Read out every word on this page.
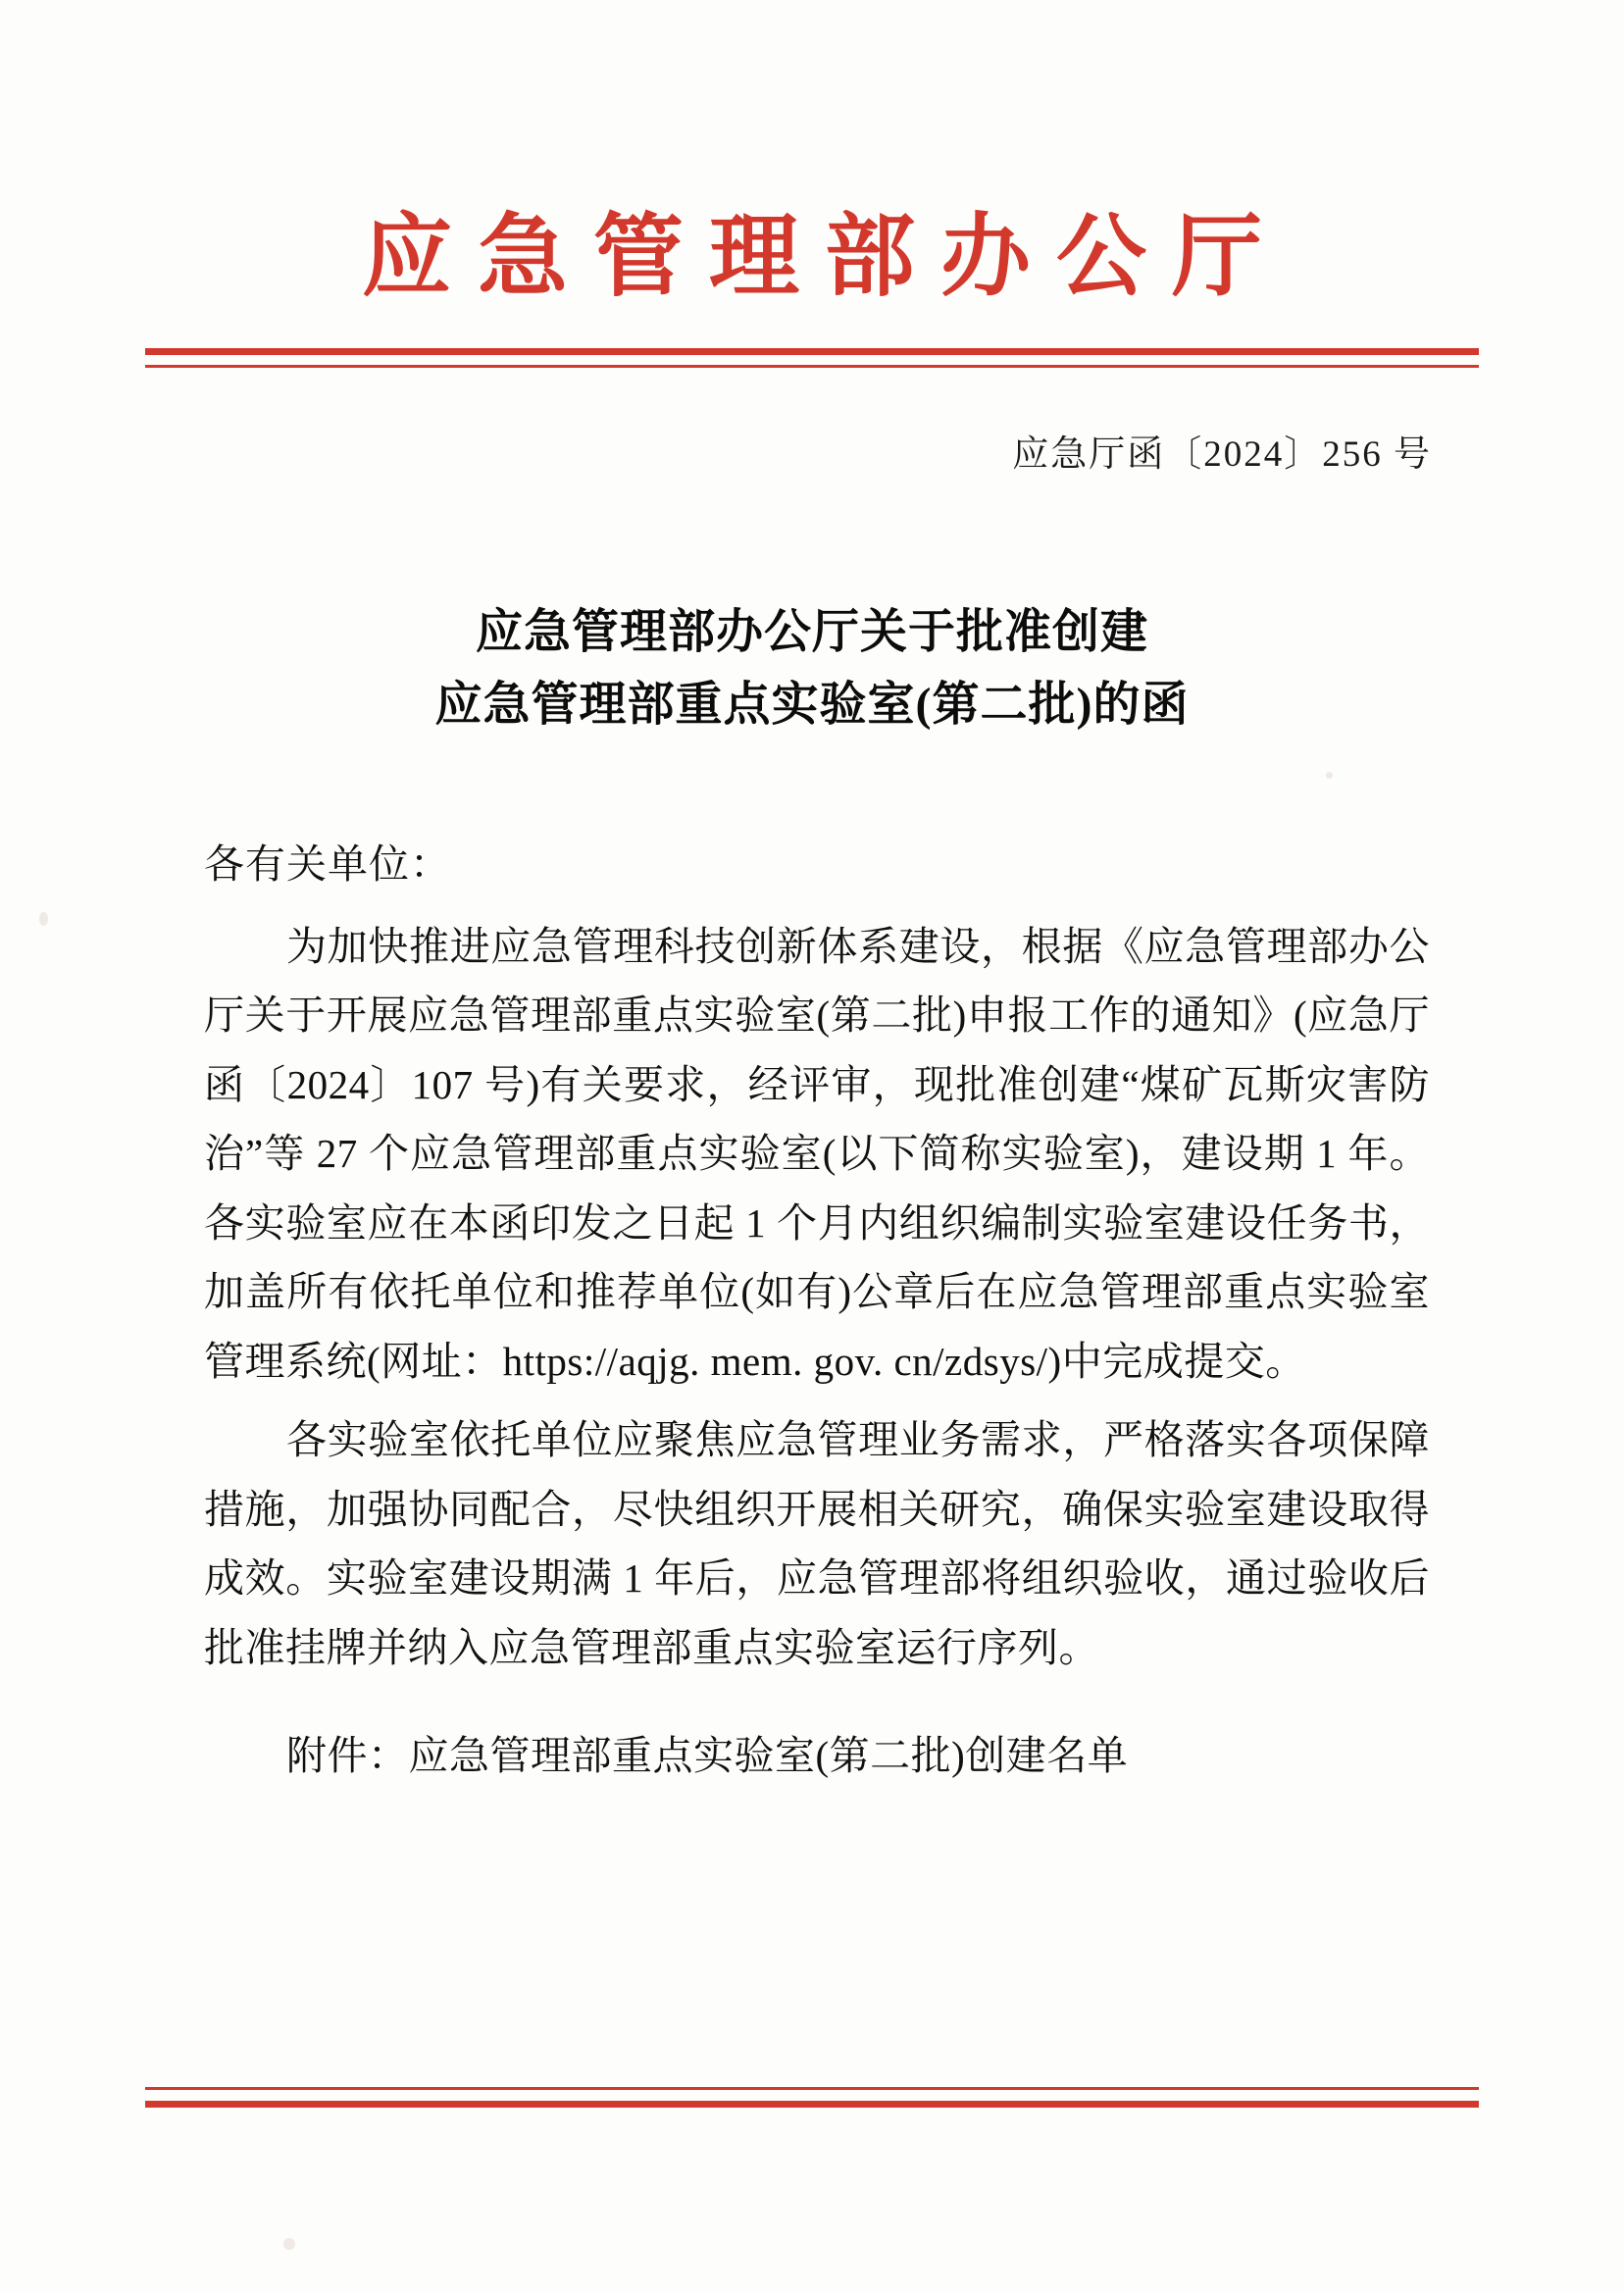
应急管理部办公厅
应急厅函〔2024〕256 号
应急管理部办公厅关于批准创建
应急管理部重点实验室(第二批)的函
各有关单位：

为加快推进应急管理科技创新体系建设，根据《应急管理部办公厅关于开展应急管理部重点实验室(第二批)申报工作的通知》(应急厅函〔2024〕107 号)有关要求，经评审，现批准创建“煤矿瓦斯灾害防治”等 27 个应急管理部重点实验室(以下简称实验室)，建设期 1 年。各实验室应在本函印发之日起 1 个月内组织编制实验室建设任务书，加盖所有依托单位和推荐单位(如有)公章后在应急管理部重点实验室管理系统(网址：https://aqjg. mem. gov. cn/zdsys/)中完成提交。

各实验室依托单位应聚焦应急管理业务需求，严格落实各项保障措施，加强协同配合，尽快组织开展相关研究，确保实验室建设取得成效。实验室建设期满 1 年后，应急管理部将组织验收，通过验收后批准挂牌并纳入应急管理部重点实验室运行序列。

附件：应急管理部重点实验室(第二批)创建名单
